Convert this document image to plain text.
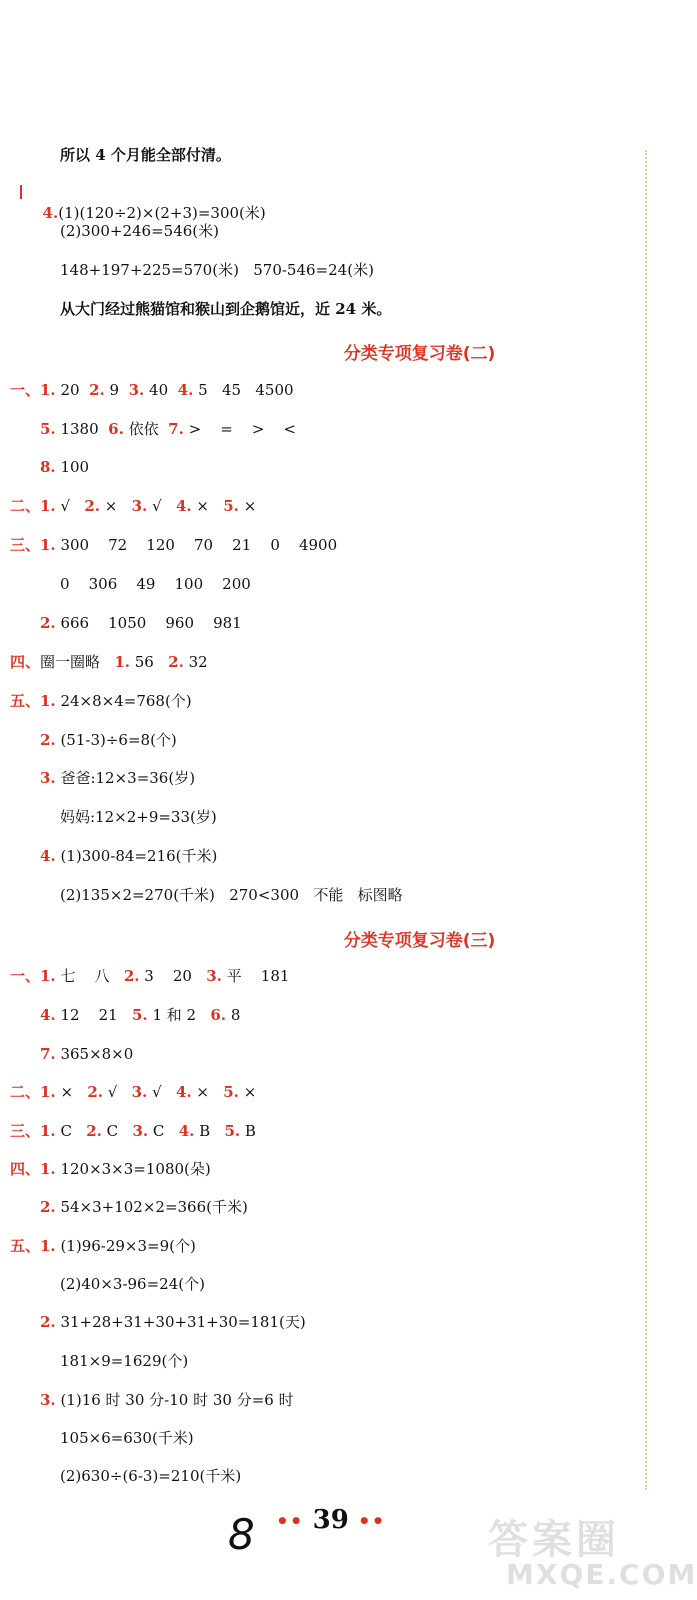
所以 4 个月能全部付清。

4.(1)(120÷2)×(2+3)=300(米)

(2)300+246=546(米)
148+197+225=570(米)   570-546=24(米)
从大门经过熊猫馆和猴山到企鹅馆近，近 24 米。
分类专项复习卷(二)
一、1. 20  2. 9  3. 40  4. 5   45   4500
5. 1380  6. 依依  7. >    =    >    <
8. 100
二、1. √   2. ×   3. √   4. ×   5. ×
三、1. 300    72    120    70    21    0    4900
0    306    49    100    200
2. 666    1050    960    981
四、圈一圈略   1. 56   2. 32
五、1. 24×8×4=768(个)
2. (51-3)÷6=8(个)
3. 爸爸:12×3=36(岁)
妈妈:12×2+9=33(岁)
4. (1)300-84=216(千米)
(2)135×2=270(千米)   270<300   不能   标图略
分类专项复习卷(三)
一、1. 七    八   2. 3    20   3. 平    181
4. 12    21   5. 1 和 2   6. 8
7. 365×8×0
二、1. ×   2. √   3. √   4. ×   5. ×
三、1. C   2. C   3. C   4. B   5. B
四、1. 120×3×3=1080(朵)
2. 54×3+102×2=366(千米)
五、1. (1)96-29×3=9(个)
(2)40×3-96=24(个)
2. 31+28+31+30+31+30=181(天)
181×9=1629(个)
3. (1)16 时 30 分-10 时 30 分=6 时
105×6=630(千米)
(2)630÷(6-3)=210(千米)
8 •• 39 ••	答案圈
MXQE.COM
